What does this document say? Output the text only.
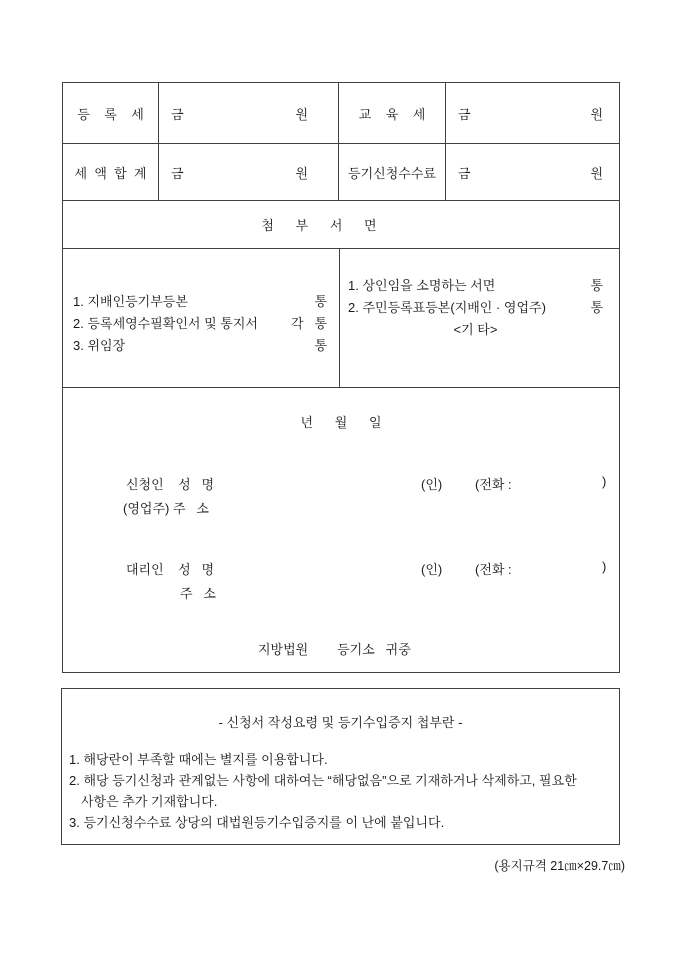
등    록    세 금	원	교    육    세	금	원
세  액  합  계 금	원	등기신청수수료 금	원
첨      부      서      면
1. 지배인등기부등본	통
2. 등록세영수필확인서 및 통지서	각   통
3. 위임장	통
1. 상인임을 소명하는 서면	통
2. 주민등록표등본(지배인 · 영업주)	통
<기 타>
년      월      일
신청인    성   명	(인)	(전화 :	)
(영업주) 주   소
대리인    성   명	(인)	(전화 :	)
주   소
지방법원        등기소   귀중
- 신청서 작성요령 및 등기수입증지 첩부란 -
1. 해당란이 부족할 때에는 별지를 이용합니다.
2. 해당 등기신청과 관계없는 사항에 대하여는 “해당없음”으로 기재하거나 삭제하고, 필요한
사항은 추가 기재합니다.
3. 등기신청수수료 상당의 대법원등기수입증지를 이 난에 붙입니다.
(용지규격 21㎝×29.7㎝)
